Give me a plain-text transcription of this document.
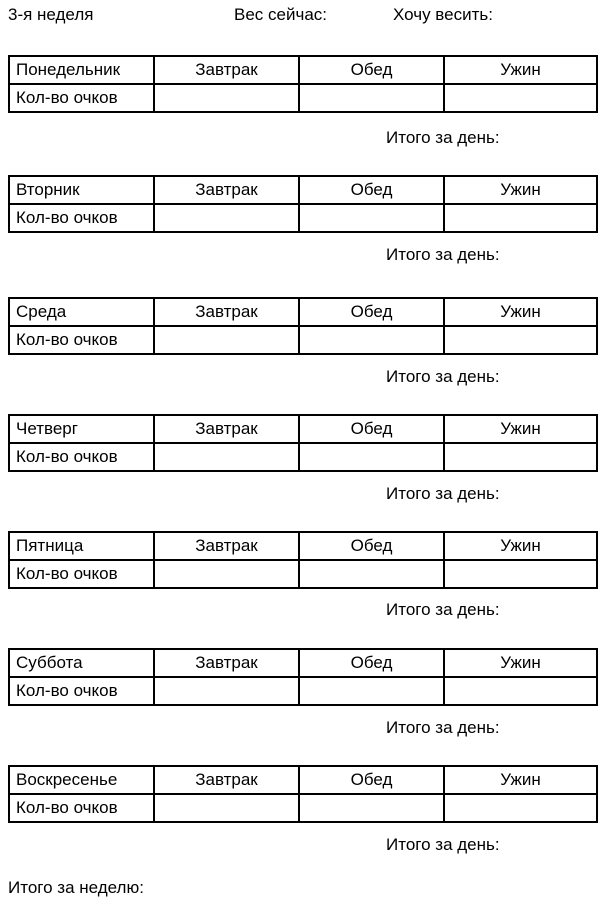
3-я неделя	Вес сейчас:	Хочу весить:
Понедельник	Завтрак	Обед	Ужин
Кол-во очков			
Итого за день:
Вторник	Завтрак	Обед	Ужин
Кол-во очков			
Итого за день:
Среда	Завтрак	Обед	Ужин
Кол-во очков			
Итого за день:
Четверг	Завтрак	Обед	Ужин
Кол-во очков			
Итого за день:
Пятница	Завтрак	Обед	Ужин
Кол-во очков			
Итого за день:
Суббота	Завтрак	Обед	Ужин
Кол-во очков			
Итого за день:
Воскресенье	Завтрак	Обед	Ужин
Кол-во очков			
Итого за день:
Итого за неделю:
